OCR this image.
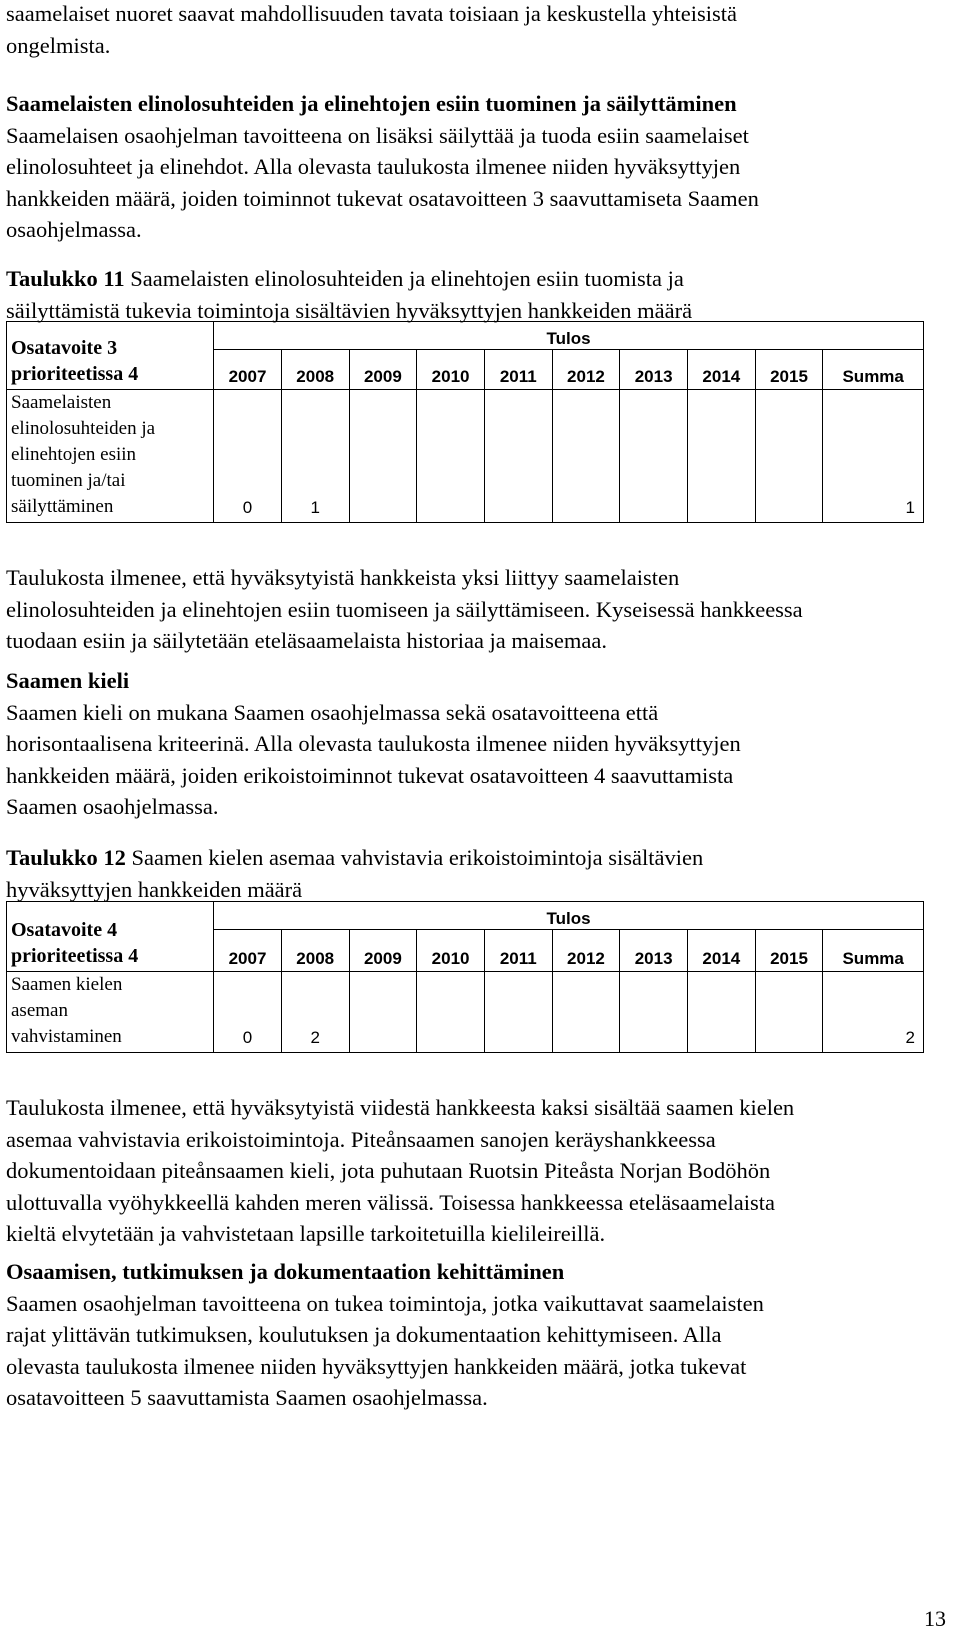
saamelaiset nuoret saavat mahdollisuuden tavata toisiaan ja keskustella yhteisistä
ongelmista.

Saamelaisten elinolosuhteiden ja elinehtojen esiin tuominen ja säilyttäminen
Saamelaisen osaohjelman tavoitteena on lisäksi säilyttää ja tuoda esiin saamelaiset
elinolosuhteet ja elinehdot. Alla olevasta taulukosta ilmenee niiden hyväksyttyjen
hankkeiden määrä, joiden toiminnot tukevat osatavoitteen 3 saavuttamiseta Saamen
osaohjelmassa.

Taulukko 11 Saamelaisten elinolosuhteiden ja elinehtojen esiin tuomista ja
säilyttämistä tukevia toimintoja sisältävien hyväksyttyjen hankkeiden määrä

Osatavoite 3
prioriteetissa 4	Tulos									
	2007	2008	2009	2010	2011	2012	2013	2014	2015	Summa
Saamelaisten
elinolosuhteiden ja
elinehtojen esiin
tuominen ja/tai
säilyttäminen	0	1								1

Taulukosta ilmenee, että hyväksytyistä hankkeista yksi liittyy saamelaisten
elinolosuhteiden ja elinehtojen esiin tuomiseen ja säilyttämiseen. Kyseisessä hankkeessa
tuodaan esiin ja säilytetään eteläsaamelaista historiaa ja maisemaa.

Saamen kieli
Saamen kieli on mukana Saamen osaohjelmassa sekä osatavoitteena että
horisontaalisena kriteerinä. Alla olevasta taulukosta ilmenee niiden hyväksyttyjen
hankkeiden määrä, joiden erikoistoiminnot tukevat osatavoitteen 4 saavuttamista
Saamen osaohjelmassa.

Taulukko 12 Saamen kielen asemaa vahvistavia erikoistoimintoja sisältävien
hyväksyttyjen hankkeiden määrä

Osatavoite 4
prioriteetissa 4	Tulos									
	2007	2008	2009	2010	2011	2012	2013	2014	2015	Summa
Saamen kielen
aseman
vahvistaminen	0	2								2

Taulukosta ilmenee, että hyväksytyistä viidestä hankkeesta kaksi sisältää saamen kielen
asemaa vahvistavia erikoistoimintoja. Piteånsaamen sanojen keräyshankkeessa
dokumentoidaan piteånsaamen kieli, jota puhutaan Ruotsin Piteåsta Norjan Bodöhön
ulottuvalla vyöhykkeellä kahden meren välissä. Toisessa hankkeessa eteläsaamelaista
kieltä elvytetään ja vahvistetaan lapsille tarkoitetuilla kielileireillä.

Osaamisen, tutkimuksen ja dokumentaation kehittäminen
Saamen osaohjelman tavoitteena on tukea toimintoja, jotka vaikuttavat saamelaisten
rajat ylittävän tutkimuksen, koulutuksen ja dokumentaation kehittymiseen. Alla
olevasta taulukosta ilmenee niiden hyväksyttyjen hankkeiden määrä, jotka tukevat
osatavoitteen 5 saavuttamista Saamen osaohjelmassa.

13
